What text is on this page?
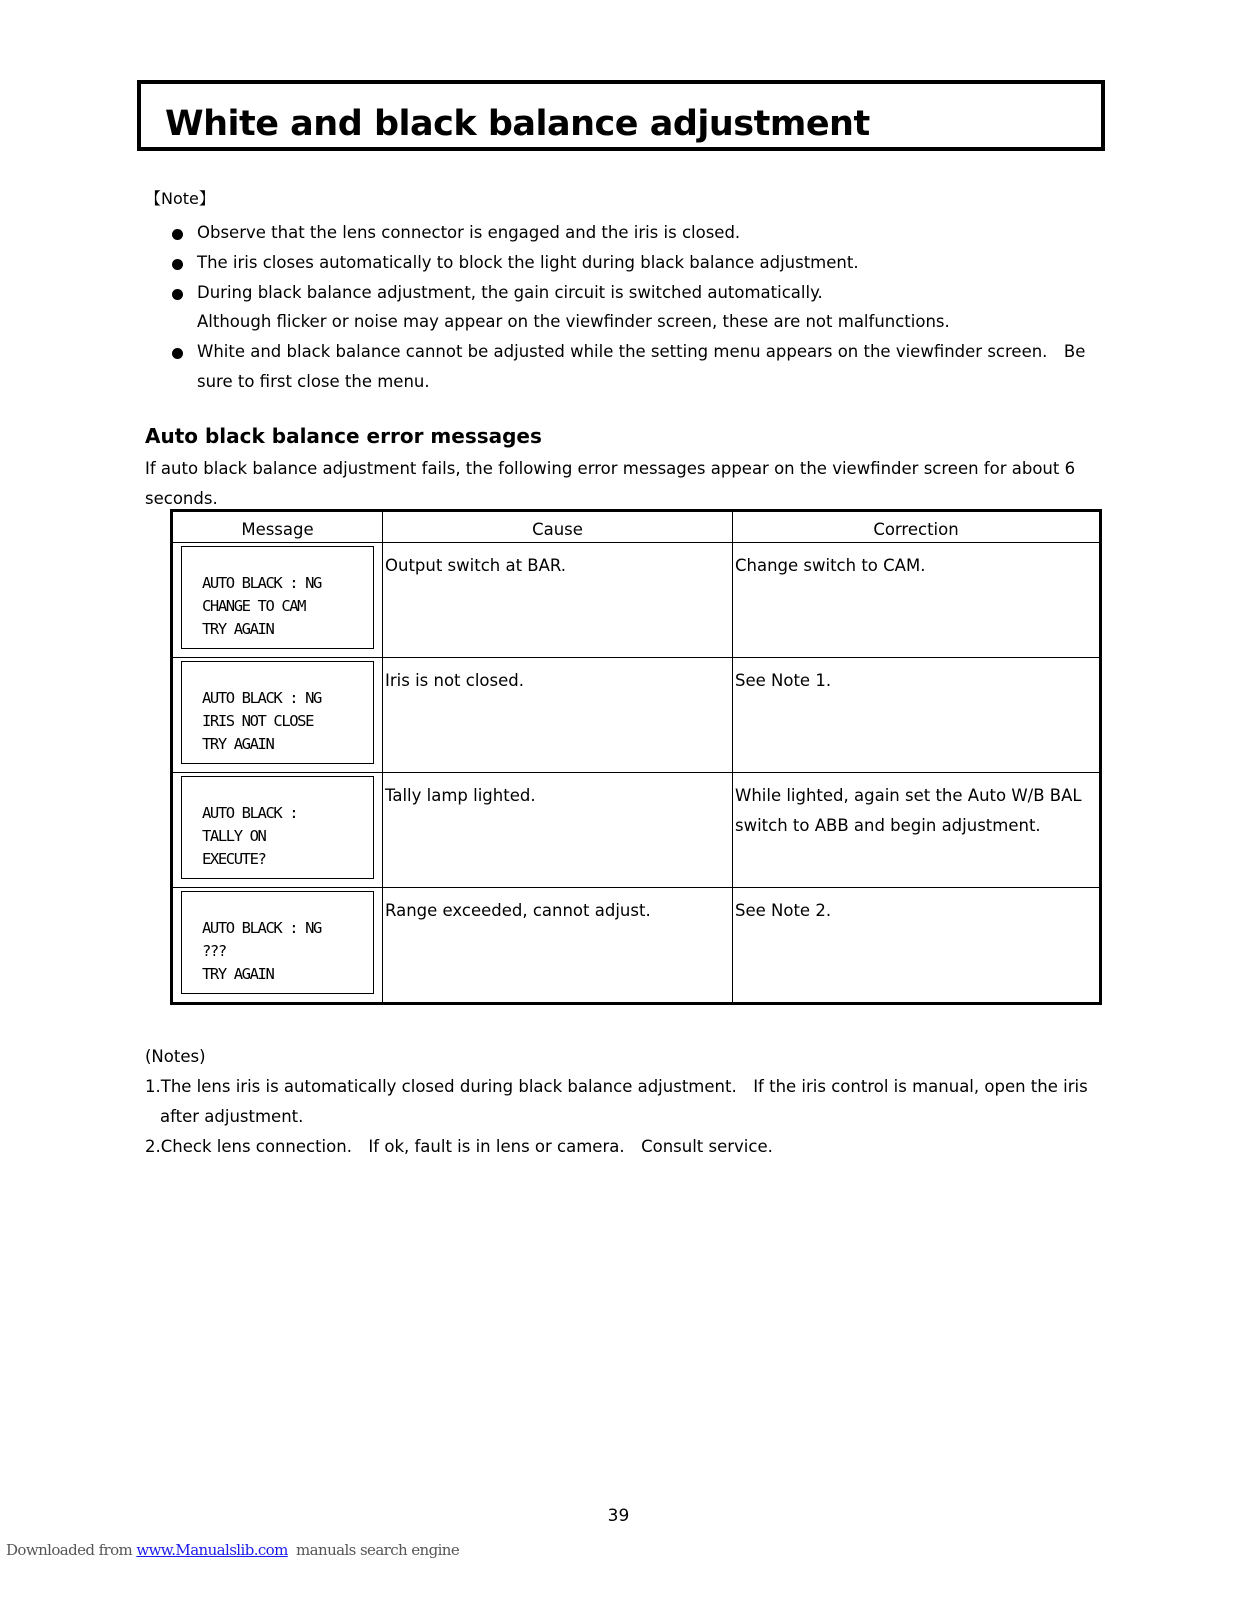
White and black balance adjustment
【Note】
Observe that the lens connector is engaged and the iris is closed.
The iris closes automatically to block the light during black balance adjustment.
During black balance adjustment, the gain circuit is switched automatically.
Although flicker or noise may appear on the viewfinder screen, these are not malfunctions.
White and black balance cannot be adjusted while the setting menu appears on the viewfinder screen.　Be sure to first close the menu.
Auto black balance error messages
If auto black balance adjustment fails, the following error messages appear on the viewfinder screen for about 6 seconds.
Message	Cause	Correction

AUTO BLACK : NG
CHANGE TO CAM
TRY AGAIN	Output switch at BAR.	Change switch to CAM.

AUTO BLACK : NG
IRIS NOT CLOSE
TRY AGAIN	Iris is not closed.	See Note 1.

AUTO BLACK :
TALLY ON
EXECUTE?	Tally lamp lighted.	While lighted, again set the Auto W/B BAL switch to ABB and begin adjustment.

AUTO BLACK : NG
???
TRY AGAIN	Range exceeded, cannot adjust.	See Note 2.
(Notes)
1.The lens iris is automatically closed during black balance adjustment.　If the iris control is manual, open the iris after adjustment.
2.Check lens connection.　If ok, fault is in lens or camera.　Consult service.
39
Downloaded from www.Manualslib.com  manuals search engine
